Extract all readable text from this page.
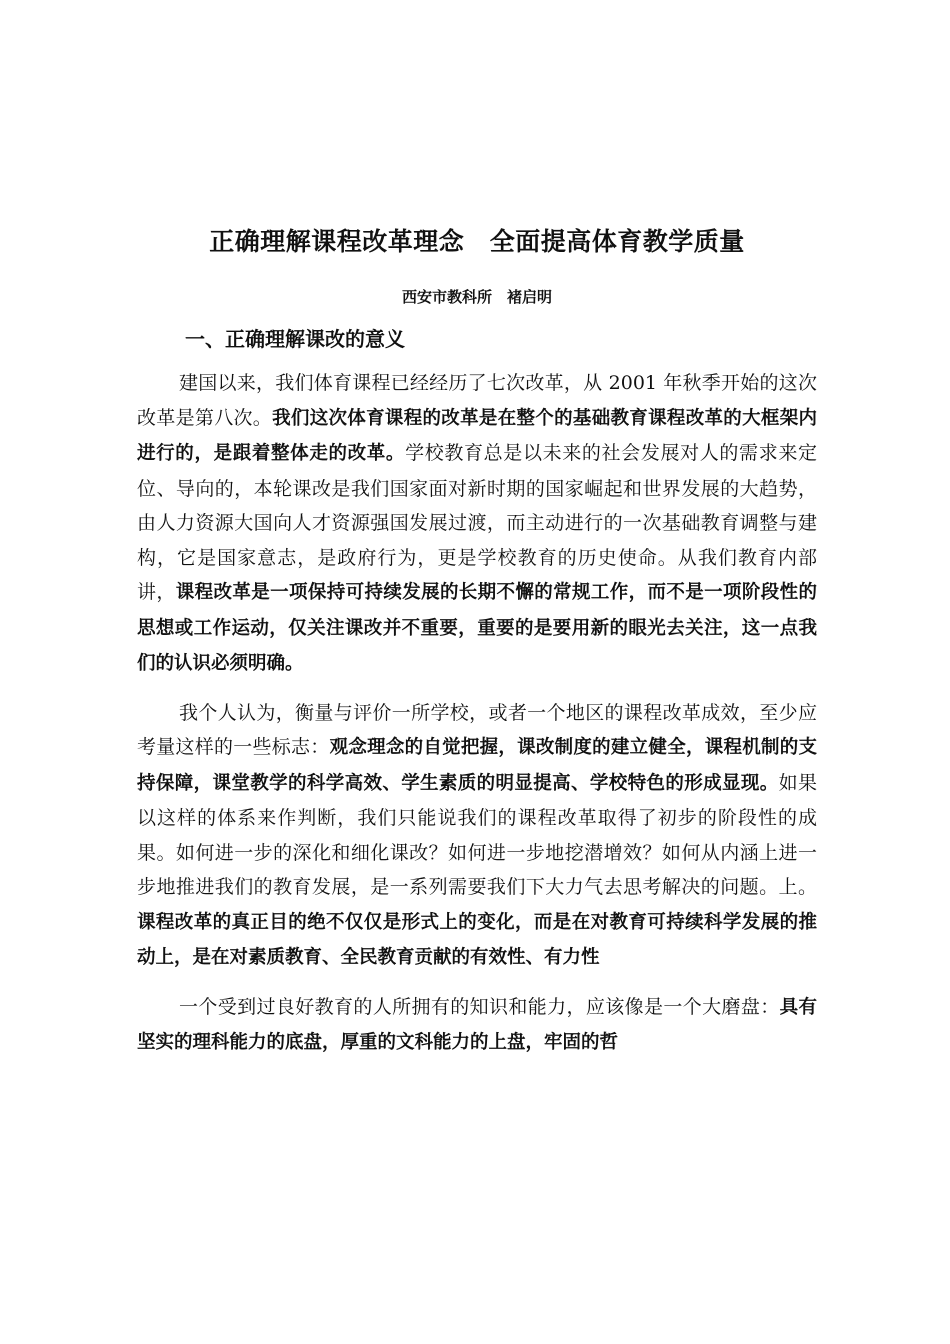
正确理解课程改革理念　全面提高体育教学质量
西安市教科所　褚启明
一、正确理解课改的意义

建国以来，我们体育课程已经经历了七次改革，从 2001 年秋季开始的这次改革是第八次。我们这次体育课程的改革是在整个的基础教育课程改革的大框架内进行的，是跟着整体走的改革。学校教育总是以未来的社会发展对人的需求来定位、导向的，本轮课改是我们国家面对新时期的国家崛起和世界发展的大趋势，由人力资源大国向人才资源强国发展过渡，而主动进行的一次基础教育调整与建构，它是国家意志，是政府行为，更是学校教育的历史使命。从我们教育内部讲，课程改革是一项保持可持续发展的长期不懈的常规工作，而不是一项阶段性的思想或工作运动，仅关注课改并不重要，重要的是要用新的眼光去关注，这一点我们的认识必须明确。

我个人认为，衡量与评价一所学校，或者一个地区的课程改革成效，至少应考量这样的一些标志：观念理念的自觉把握，课改制度的建立健全，课程机制的支持保障，课堂教学的科学高效、学生素质的明显提高、学校特色的形成显现。如果以这样的体系来作判断，我们只能说我们的课程改革取得了初步的阶段性的成果。如何进一步的深化和细化课改？如何进一步地挖潜增效？如何从内涵上进一步地推进我们的教育发展，是一系列需要我们下大力气去思考解决的问题。上。课程改革的真正目的绝不仅仅是形式上的变化，而是在对教育可持续科学发展的推动上，是在对素质教育、全民教育贡献的有效性、有力性

一个受到过良好教育的人所拥有的知识和能力，应该像是一个大磨盘：具有坚实的理科能力的底盘，厚重的文科能力的上盘，牢固的哲
